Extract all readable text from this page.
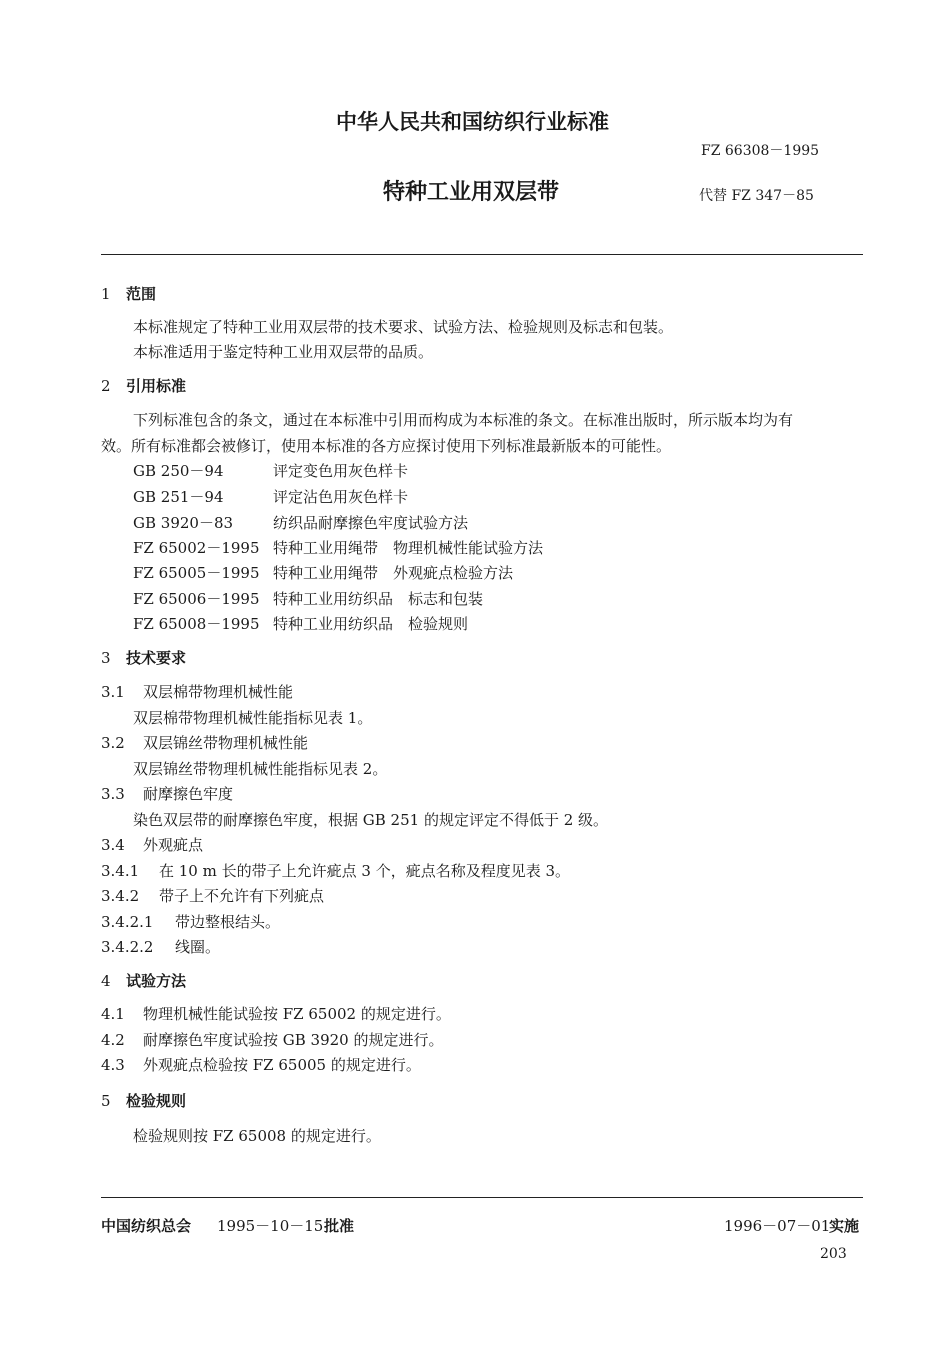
中华人民共和国纺织行业标准
FZ 66308－1995
特种工业用双层带	代替 FZ 347－85
1 范围
本标准规定了特种工业用双层带的技术要求、试验方法、检验规则及标志和包装。
本标准适用于鉴定特种工业用双层带的品质。
2 引用标准
下列标准包含的条文，通过在本标准中引用而构成为本标准的条文。在标准出版时，所示版本均为有
效。所有标准都会被修订，使用本标准的各方应探讨使用下列标准最新版本的可能性。
GB 250－94	评定变色用灰色样卡
GB 251－94	评定沾色用灰色样卡
GB 3920－83	纺织品耐摩擦色牢度试验方法
FZ 65002－1995 特种工业用绳带　物理机械性能试验方法
FZ 65005－1995 特种工业用绳带　外观疵点检验方法
FZ 65006－1995 特种工业用纺织品　标志和包装
FZ 65008－1995 特种工业用纺织品　检验规则
3 技术要求
3.1 双层棉带物理机械性能
双层棉带物理机械性能指标见表 1。
3.2 双层锦丝带物理机械性能
双层锦丝带物理机械性能指标见表 2。
3.3 耐摩擦色牢度
染色双层带的耐摩擦色牢度，根据 GB 251 的规定评定不得低于 2 级。
3.4 外观疵点
3.4.1 在 10 m 长的带子上允许疵点 3 个，疵点名称及程度见表 3。
3.4.2 带子上不允许有下列疵点
3.4.2.1 带边整根结头。
3.4.2.2 线圈。
4 试验方法
4.1 物理机械性能试验按 FZ 65002 的规定进行。
4.2 耐摩擦色牢度试验按 GB 3920 的规定进行。
4.3 外观疵点检验按 FZ 65005 的规定进行。
5 检验规则
检验规则按 FZ 65008 的规定进行。
中国纺织总会 1995－10－15 批准	1996－07－01
实施
203
